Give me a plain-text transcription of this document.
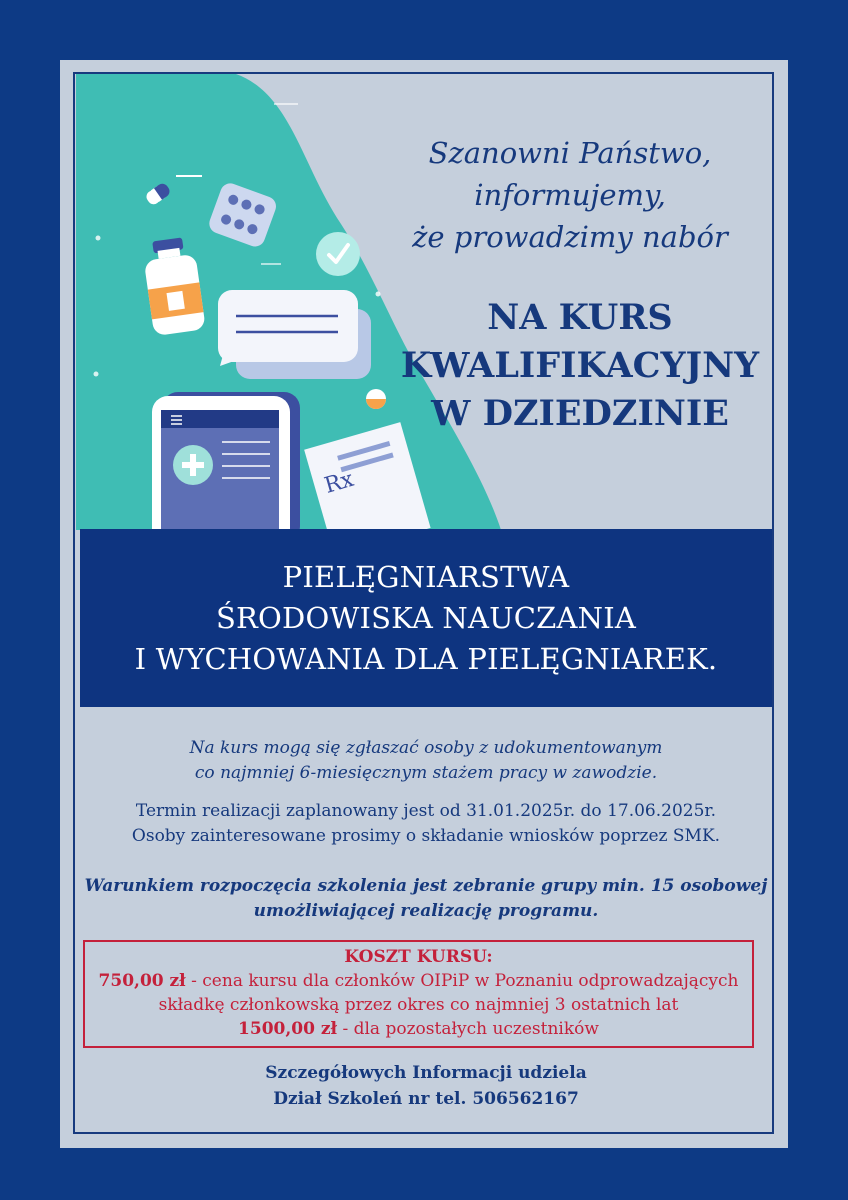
Rx
Szanowni Państwo,
informujemy,
że prowadzimy nabór
NA KURS
KWALIFIKACYJNY
W DZIEDZINIE
PIELĘGNIARSTWA
ŚRODOWISKA NAUCZANIA
I WYCHOWANIA DLA PIELĘGNIAREK.
Na kurs mogą się zgłaszać osoby z udokumentowanym
co najmniej 6-miesięcznym stażem pracy w zawodzie.
Termin realizacji zaplanowany jest od 31.01.2025r. do 17.06.2025r.
Osoby zainteresowane prosimy o składanie wniosków poprzez SMK.
Warunkiem rozpoczęcia szkolenia jest zebranie grupy min. 15 osobowej
umożliwiającej realizację programu.
KOSZT KURSU:
750,00 zł - cena kursu dla członków OIPiP w Poznaniu odprowadzających
składkę członkowską przez okres co najmniej 3 ostatnich lat
1500,00 zł - dla pozostałych uczestników
Szczegółowych Informacji udziela
Dział Szkoleń nr tel. 506562167
